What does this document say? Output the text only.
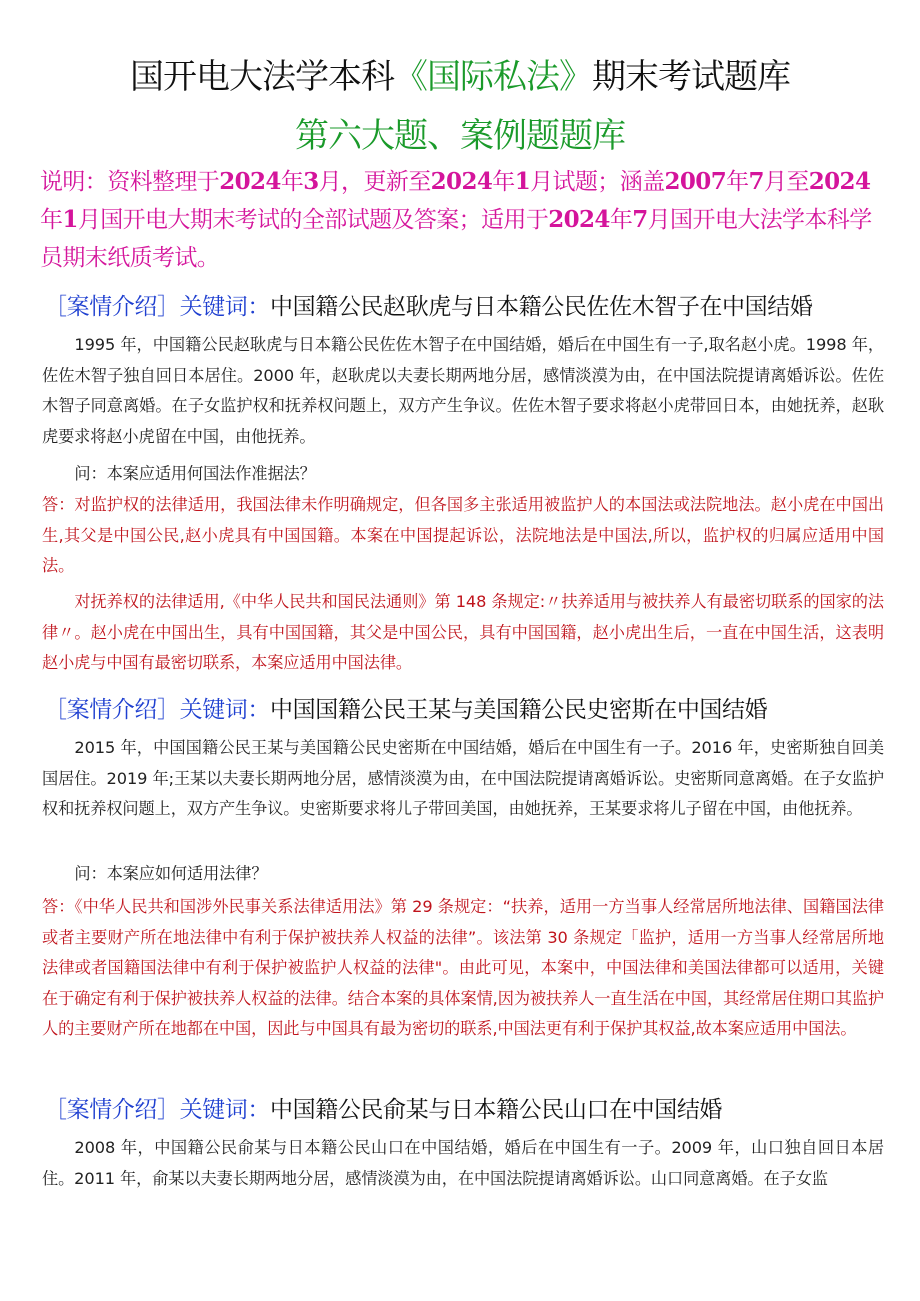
国开电大法学本科《国际私法》期末考试题库
第六大题、案例题题库
说明：资料整理于2024年3月，更新至2024年1月试题；涵盖2007年7月至2024年1月国开电大期末考试的全部试题及答案；适用于2024年7月国开电大法学本科学员期末纸质考试。
［案情介绍］关键词：中国籍公民赵耿虎与日本籍公民佐佐木智子在中国结婚
1995 年，中国籍公民赵耿虎与日本籍公民佐佐木智子在中国结婚，婚后在中国生有一子,取名赵小虎。1998 年，佐佐木智子独自回日本居住。2000 年，赵耿虎以夫妻长期两地分居，感情淡漠为由，在中国法院提请离婚诉讼。佐佐木智子同意离婚。在子女监护权和抚养权问题上，双方产生争议。佐佐木智子要求将赵小虎带回日本，由她抚养，赵耿虎要求将赵小虎留在中国，由他抚养。
问：本案应适用何国法作准据法？
答：对监护权的法律适用，我国法律未作明确规定，但各国多主张适用被监护人的本国法或法院地法。赵小虎在中国出生,其父是中国公民,赵小虎具有中国国籍。本案在中国提起诉讼，法院地法是中国法,所以，监护权的归属应适用中国法。
对抚养权的法律适用,《中华人民共和国民法通则》第 148 条规定:〃扶养适用与被扶养人有最密切联系的国家的法律〃。赵小虎在中国出生，具有中国国籍，其父是中国公民，具有中国国籍，赵小虎出生后，一直在中国生活，这表明赵小虎与中国有最密切联系，本案应适用中国法律。
［案情介绍］关键词：中国国籍公民王某与美国籍公民史密斯在中国结婚
2015 年，中国国籍公民王某与美国籍公民史密斯在中国结婚，婚后在中国生有一子。2016 年，史密斯独自回美国居住。2019 年;王某以夫妻长期两地分居，感情淡漠为由，在中国法院提请离婚诉讼。史密斯同意离婚。在子女监护权和抚养权问题上，双方产生争议。史密斯要求将儿子带回美国，由她抚养，王某要求将儿子留在中国，由他抚养。
问：本案应如何适用法律？
答：《中华人民共和国涉外民事关系法律适用法》第 29 条规定：“扶养，适用一方当事人经常居所地法律、国籍国法律或者主要财产所在地法律中有利于保护被扶养人权益的法律”。该法第 30 条规定「监护，适用一方当事人经常居所地法律或者国籍国法律中有利于保护被监护人权益的法律"。由此可见，本案中，中国法律和美国法律都可以适用，关键在于确定有利于保护被扶养人权益的法律。结合本案的具体案情,因为被扶养人一直生活在中国，其经常居住期口其监护人的主要财产所在地都在中国，因此与中国具有最为密切的联系,中国法更有利于保护其权益,故本案应适用中国法。
［案情介绍］关键词：中国籍公民俞某与日本籍公民山口在中国结婚
2008 年，中国籍公民俞某与日本籍公民山口在中国结婚，婚后在中国生有一子。2009 年，山口独自回日本居住。2011 年，俞某以夫妻长期两地分居，感情淡漠为由，在中国法院提请离婚诉讼。山口同意离婚。在子女监
